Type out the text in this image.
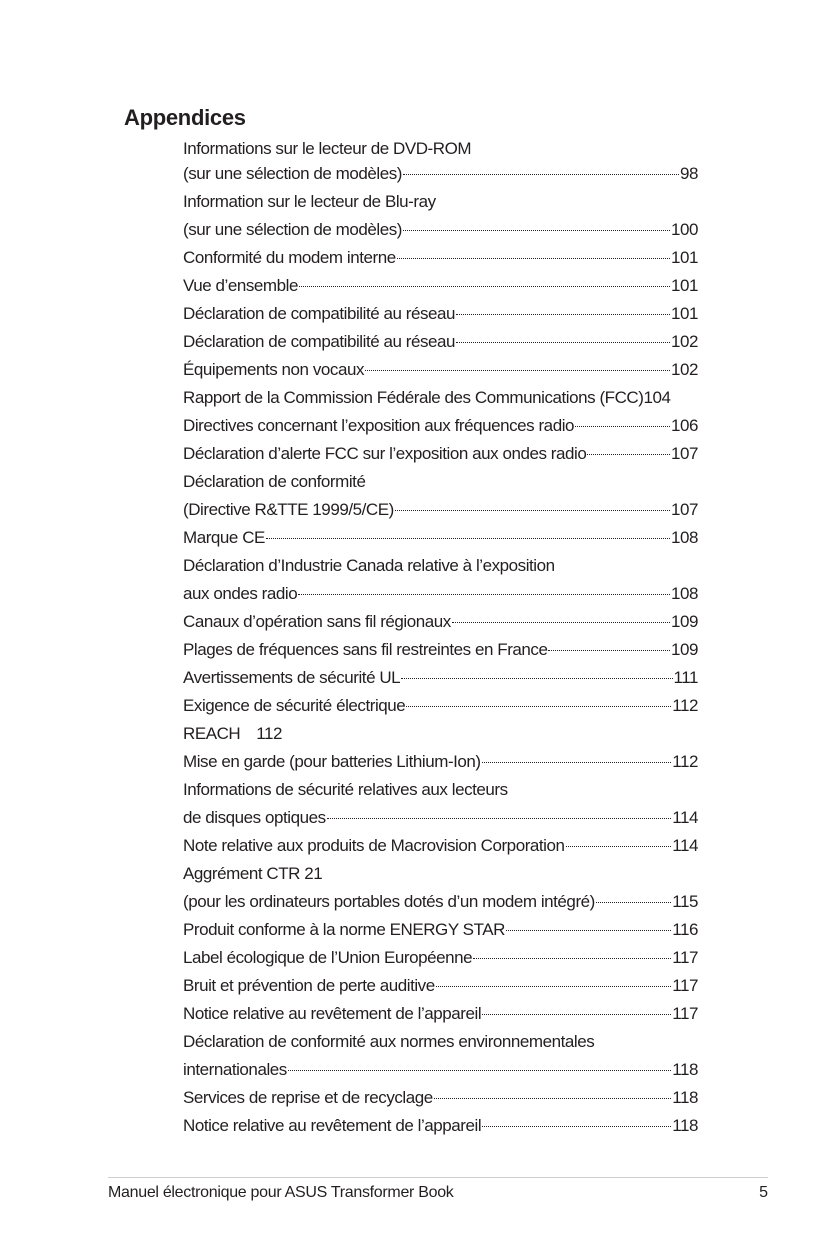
Appendices
Informations sur le lecteur de DVD-ROM
(sur une sélection de modèles)	98
Information sur le lecteur de Blu-ray
(sur une sélection de modèles)	100
Conformité du modem interne	101
Vue d’ensemble	101
Déclaration de compatibilité au réseau	101
Déclaration de compatibilité au réseau	102
Équipements non vocaux	102
Rapport de la Commission Fédérale des Communications (FCC)104
Directives concernant l’exposition aux fréquences radio	106
Déclaration d’alerte FCC sur l’exposition aux ondes radio	107
Déclaration de conformité
(Directive R&TTE 1999/5/CE)	107
Marque CE	108
Déclaration d’Industrie Canada relative à l’exposition
aux ondes radio	108
Canaux d’opération sans fil régionaux	109
Plages de fréquences sans fil restreintes en France	109
Avertissements de sécurité UL	111
Exigence de sécurité électrique	112
REACH 112
Mise en garde (pour batteries Lithium-Ion)	112
Informations de sécurité relatives aux lecteurs
de disques optiques	114
Note relative aux produits de Macrovision Corporation	114
Aggrément CTR 21
(pour les ordinateurs portables dotés d’un modem intégré)	115
Produit conforme à la norme ENERGY STAR	116
Label écologique de l’Union Européenne	117
Bruit et prévention de perte auditive	117
Notice relative au revêtement de l’appareil	117
Déclaration de conformité aux normes environnementales
internationales	118
Services de reprise et de recyclage	118
Notice relative au revêtement de l’appareil	118
Manuel électronique pour ASUS Transformer Book	5
